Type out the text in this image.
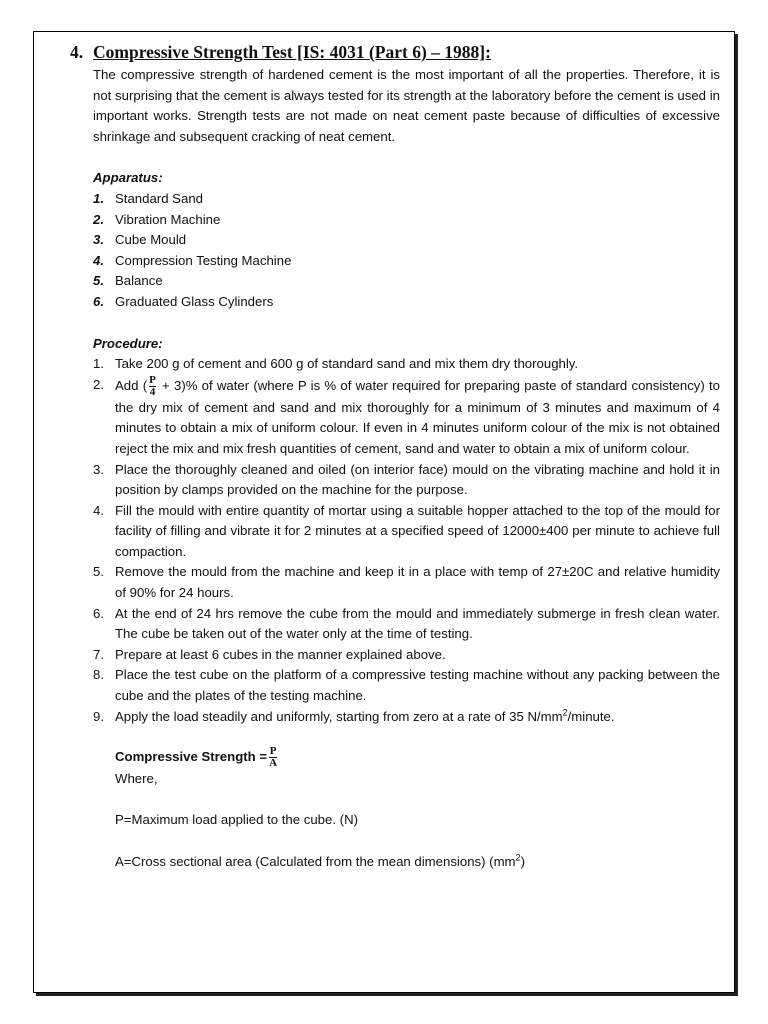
4. Compressive Strength Test [IS: 4031 (Part 6) – 1988]:

The compressive strength of hardened cement is the most important of all the properties. Therefore, it is not surprising that the cement is always tested for its strength at the laboratory before the cement is used in important works. Strength tests are not made on neat cement paste because of difficulties of excessive shrinkage and subsequent cracking of neat cement.

Apparatus:

1. Standard Sand
2. Vibration Machine
3. Cube Mould
4. Compression Testing Machine
5. Balance
6. Graduated Glass Cylinders

Procedure:

1. Take 200 g of cement and 600 g of standard sand and mix them dry thoroughly.
2. Add ( $\frac{P}{4} + 3)\%$ of water (where P is % of water required for preparing paste of standard consistency) to the dry mix of cement and sand and mix thoroughly for a minimum of 3 minutes and maximum of 4 minutes to obtain a mix of uniform colour. If even in 4 minutes uniform colour of the mix is not obtained reject the mix and mix fresh quantities of cement, sand and water to obtain a mix of uniform colour.
3. Place the thoroughly cleaned and oiled (on interior face) mould on the vibrating machine and hold it in position by clamps provided on the machine for the purpose.
4. Fill the mould with entire quantity of mortar using a suitable hopper attached to the top of the mould for facility of filling and vibrate it for 2 minutes at a specified speed of 12000±400 per minute to achieve full compaction.
5. Remove the mould from the machine and keep it in a place with temp of 27±20C and relative humidity of 90% for 24 hours.
6. At the end of 24 hrs remove the cube from the mould and immediately submerge in fresh clean water. The cube be taken out of the water only at the time of testing.
7. Prepare at least 6 cubes in the manner explained above.
8. Place the test cube on the platform of a compressive testing machine without any packing between the cube and the plates of the testing machine.
9. Apply the load steadily and uniformly, starting from zero at a rate of 35 $N/mm^2$/minute.

Compressive Strength = $\frac{P}{A}$

Where,

P=Maximum load applied to the cube. (N)

A=Cross sectional area (Calculated from the mean dimensions) $(mm^2)$
